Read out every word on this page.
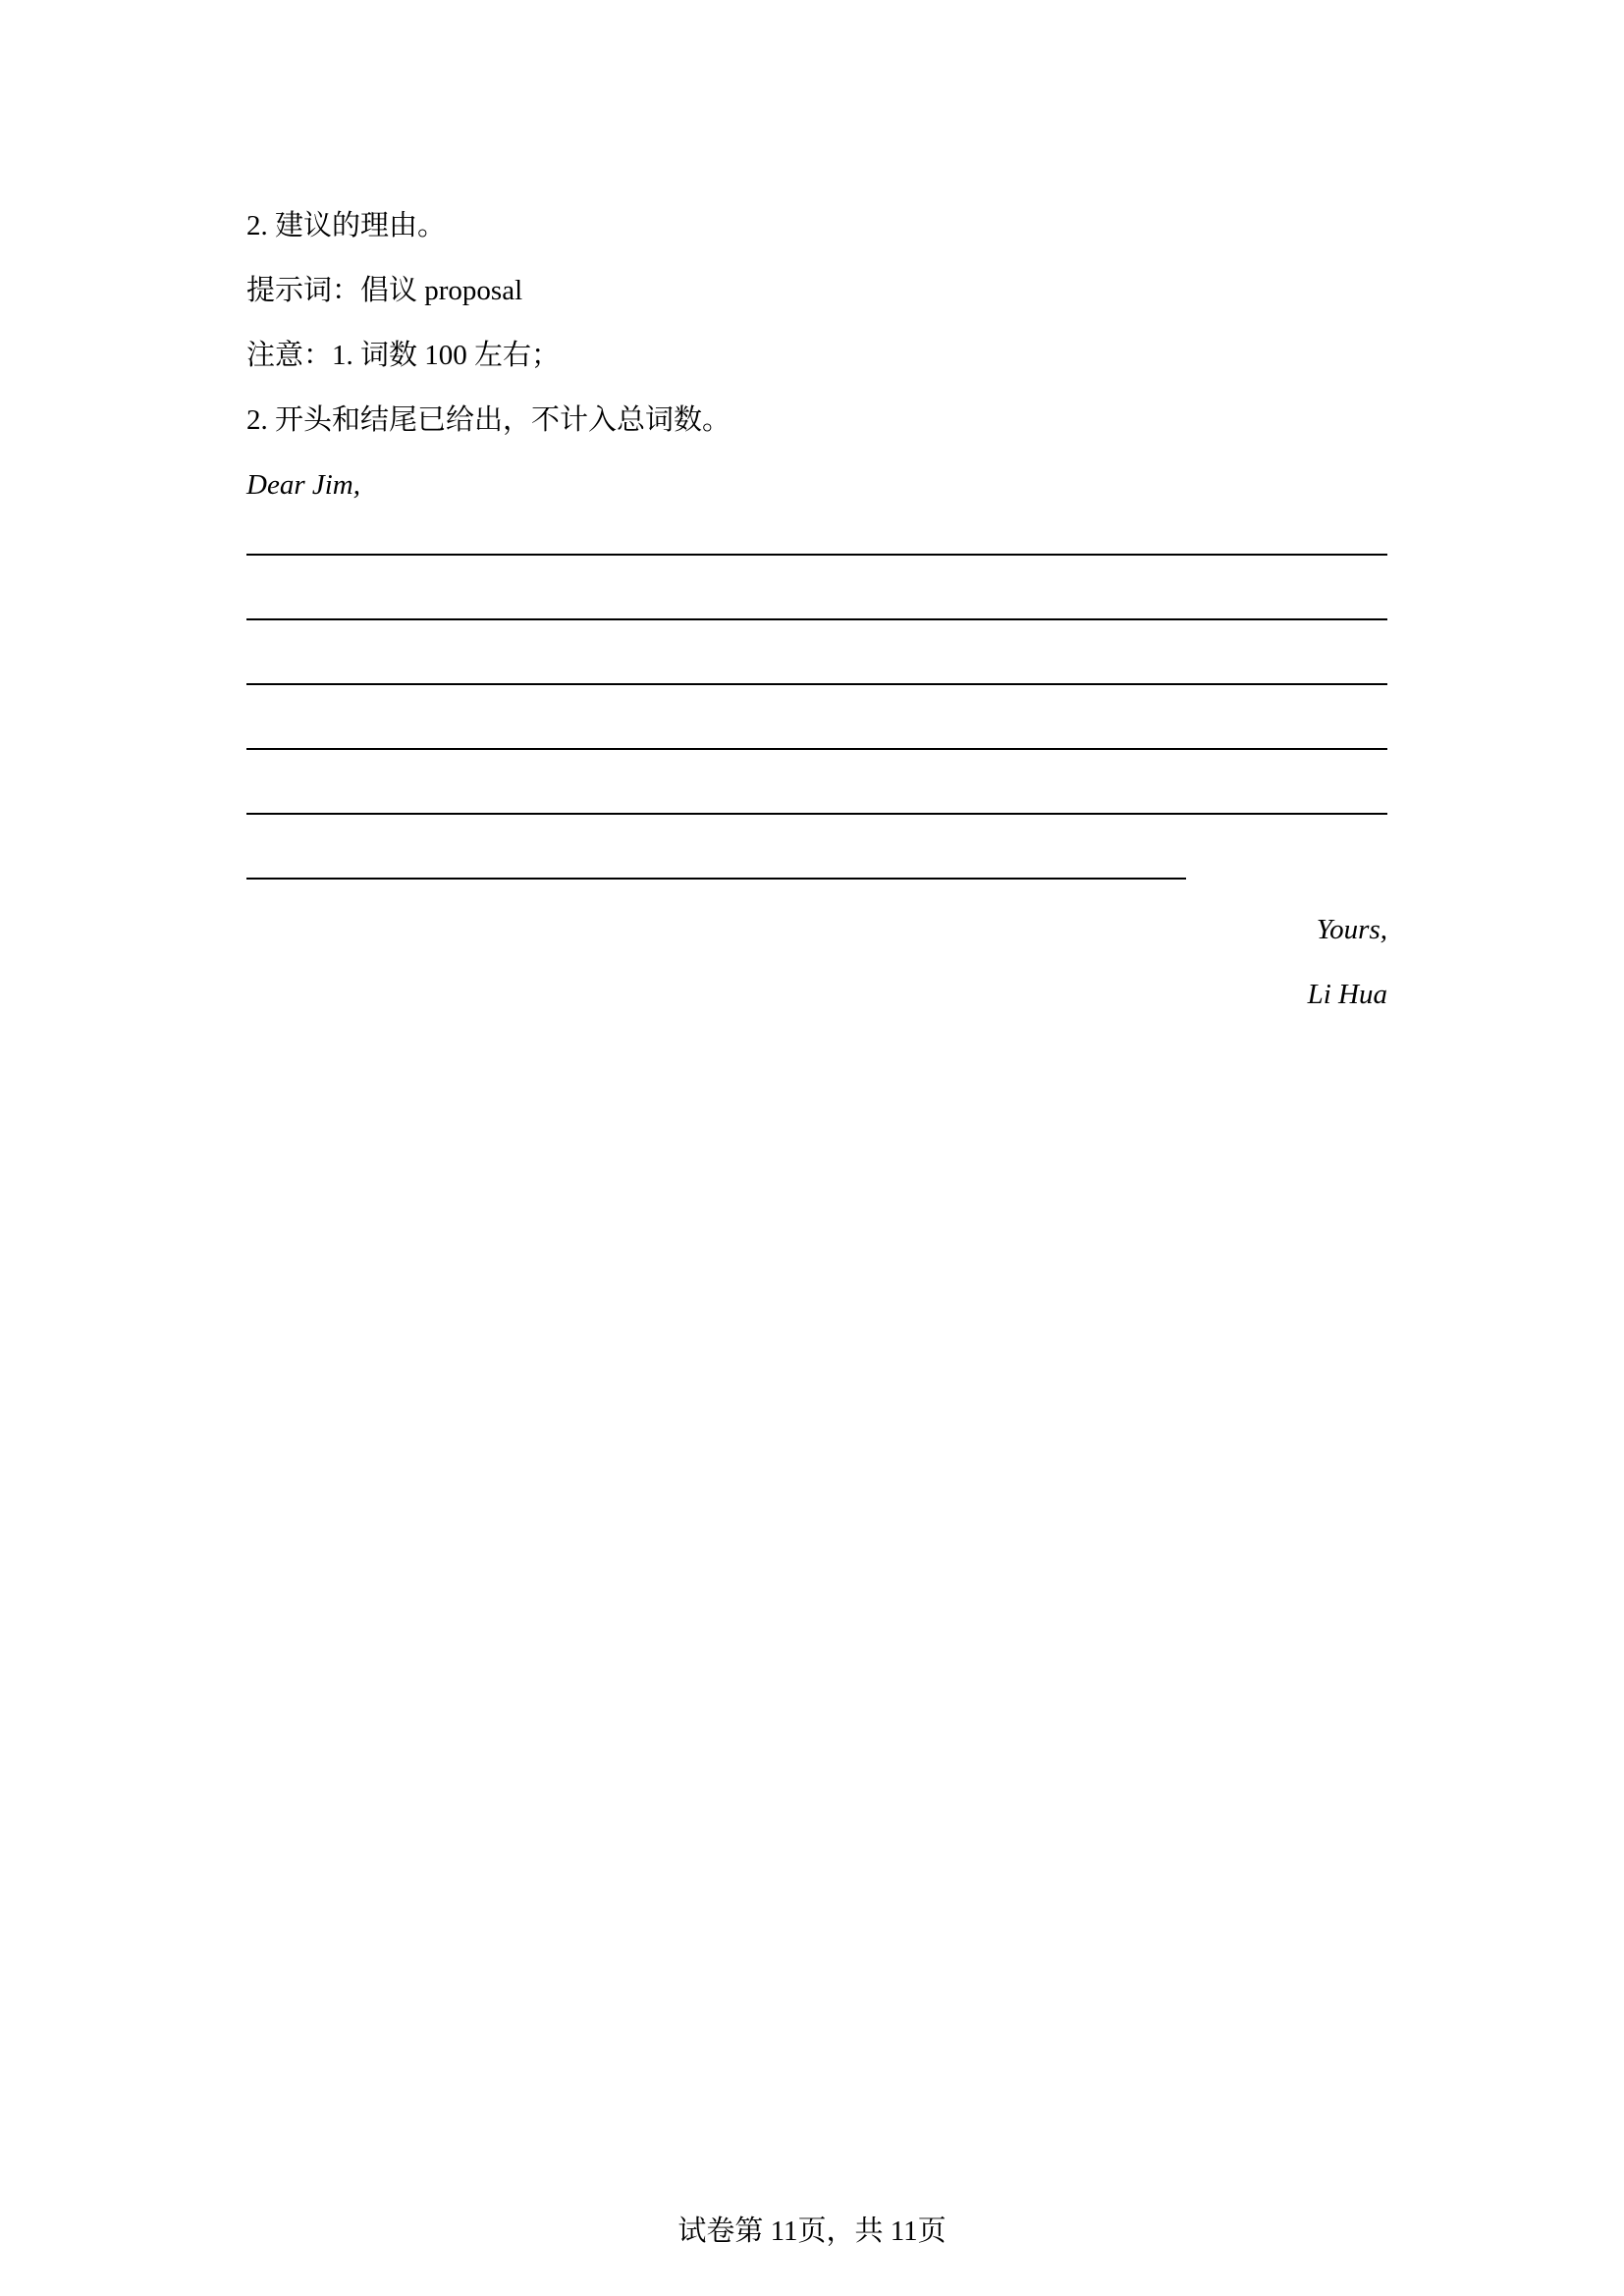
2. 建议的理由。
提示词：倡议 proposal
注意：1. 词数 100 左右；
2. 开头和结尾已给出，不计入总词数。
Dear Jim,
Yours,
Li Hua
试卷第 11页，共 11页
